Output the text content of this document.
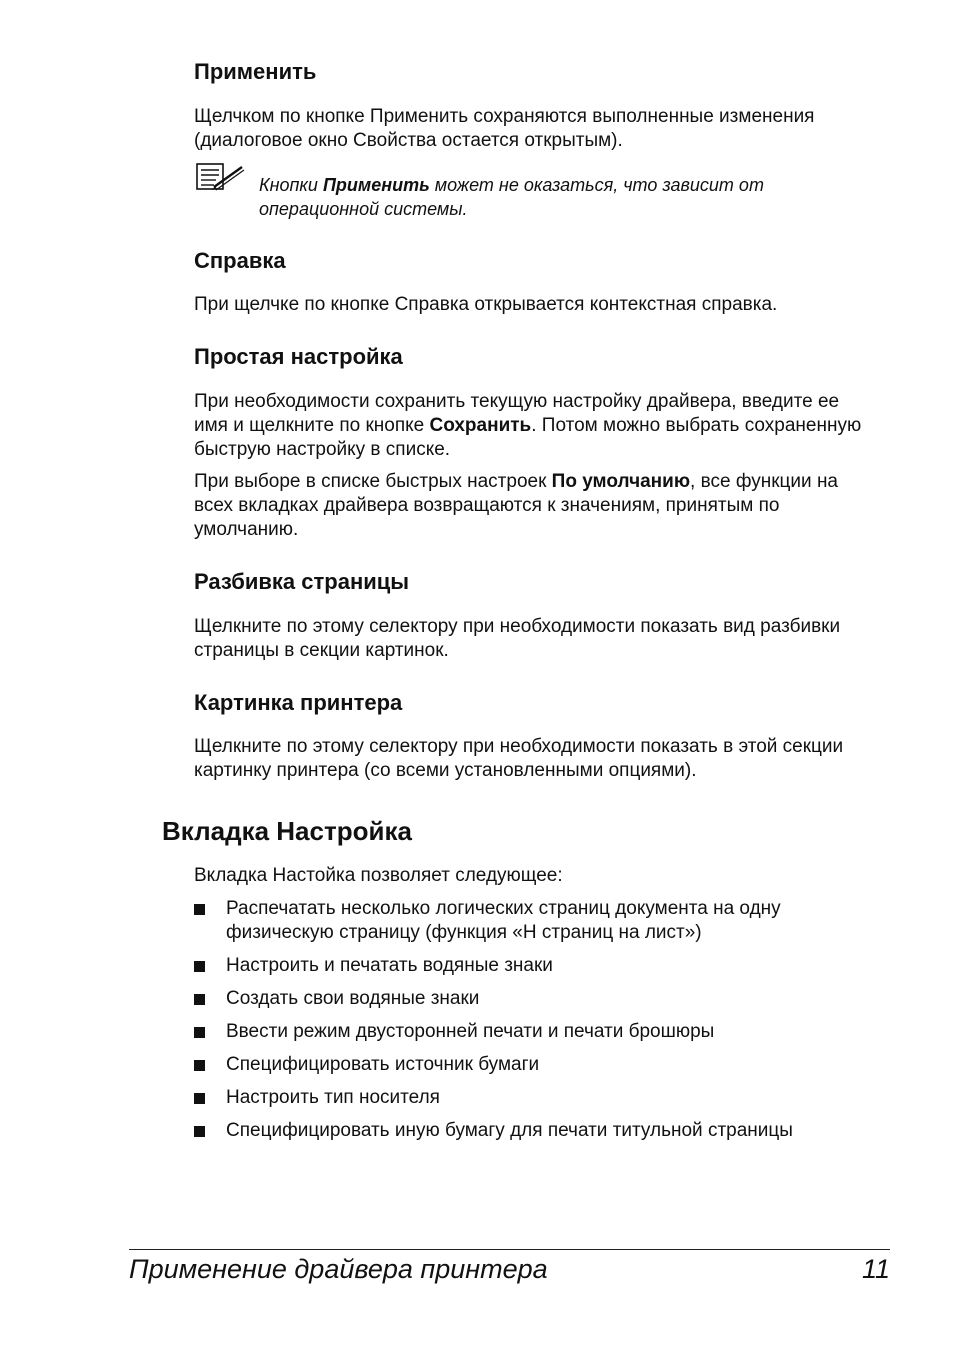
Применить
Щелчком по кнопке Применить сохраняются выполненные изменения (диалоговое окно Свойства остается открытым).
Кнопки Применить может не оказаться, что зависит от операционной системы.
Справка
При щелчке по кнопке Справка открывается контекстная справка.
Простая настройка
При необходимости сохранить текущую настройку драйвера, введите ее имя и щелкните по кнопке Сохранить. Потом можно выбрать сохраненную быструю настройку в списке.
При выборе в списке быстрых настроек По умолчанию, все функции на всех вкладках драйвера возвращаются к значениям, принятым по умолчанию.
Разбивка страницы
Щелкните по этому селектору при необходимости показать вид разбивки страницы в секции картинок.
Картинка принтера
Щелкните по этому селектору при необходимости показать в этой секции картинку принтера (со всеми установленными опциями).
Вкладка Настройка
Вкладка Настойка позволяет следующее:
Распечатать несколько логических страниц документа на одну физическую страницу (функция «Н страниц на лист»)
Настроить и печатать водяные знаки
Создать свои водяные знаки
Ввести режим двусторонней печати и печати брошюры
Специфицировать источник бумаги
Настроить тип носителя
Специфицировать иную бумагу для печати титульной страницы
Применение драйвера принтера	11
